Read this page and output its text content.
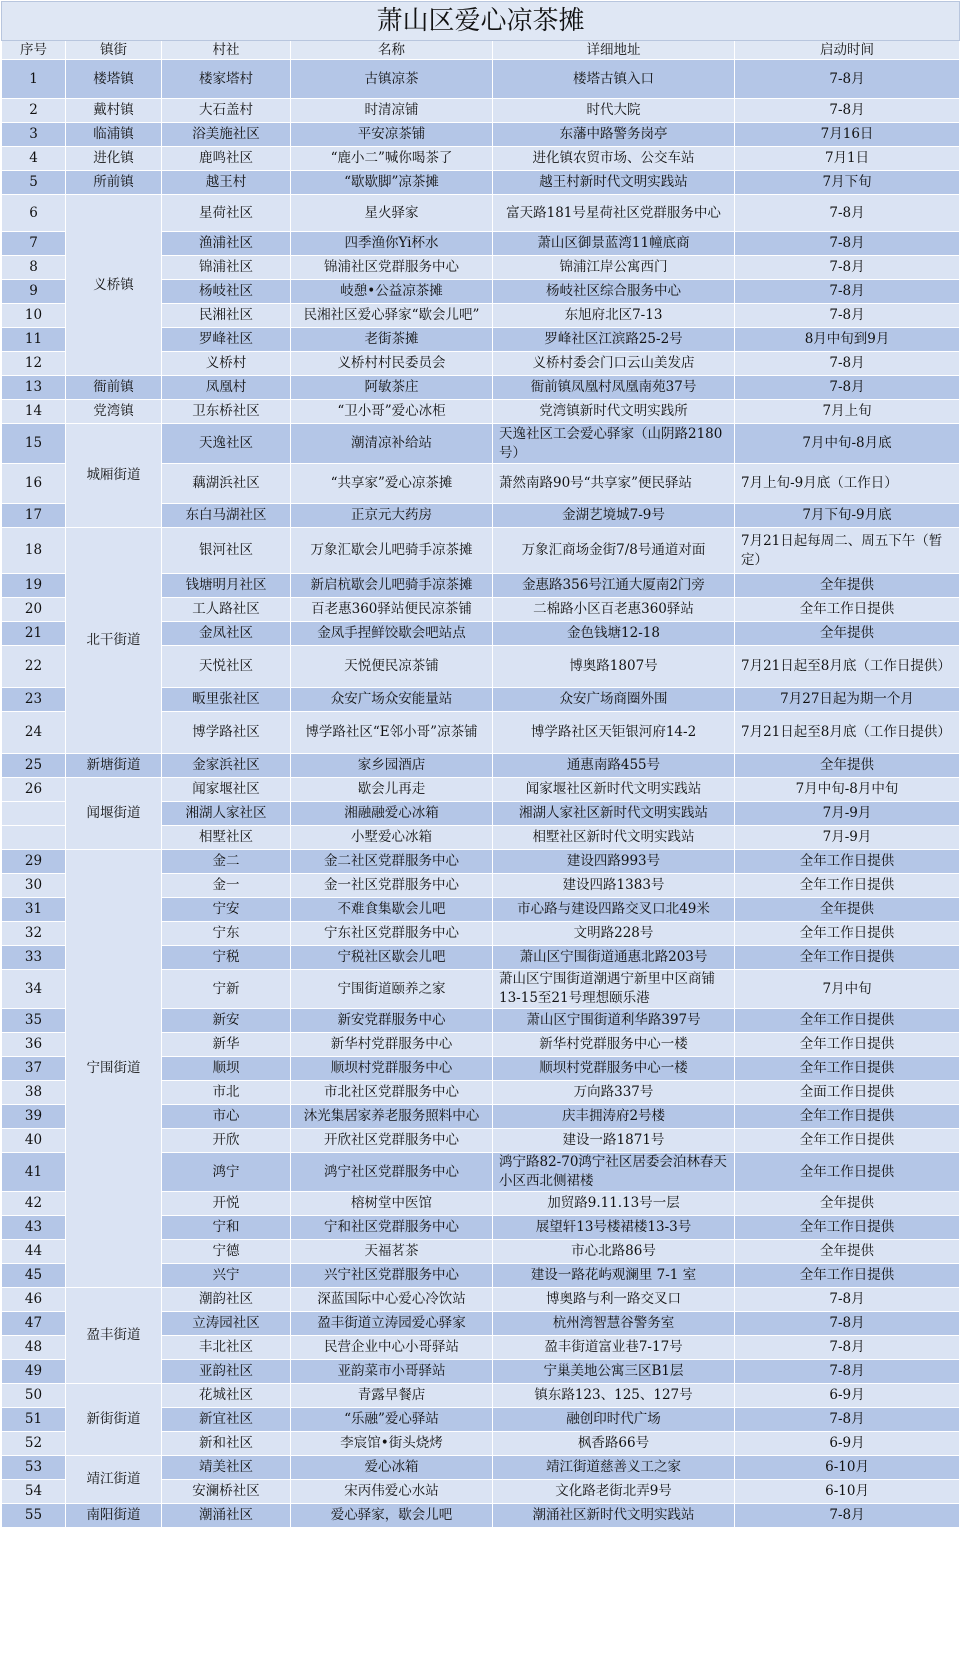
萧山区爱心凉茶摊					
序号	镇街	村社	名称	详细地址	启动时间
1	楼塔镇	楼家塔村	古镇凉茶	楼塔古镇入口	7-8月
2	戴村镇	大石盖村	时清凉铺	时代大院	7-8月
3	临浦镇	浴美施社区	平安凉茶铺	东藩中路警务岗亭	7月16日
4	进化镇	鹿鸣社区	“鹿小二”喊你喝茶了	进化镇农贸市场、公交车站	7月1日
5	所前镇	越王村	“歇歇脚”凉茶摊	越王村新时代文明实践站	7月下旬
6	义桥镇	星荷社区	星火驿家	富天路181号星荷社区党群服务中心	7-8月
7		渔浦社区	四季渔你Yi杯水	萧山区御景蓝湾11幢底商	7-8月
8		锦浦社区	锦浦社区党群服务中心	锦浦江岸公寓西门	7-8月
9		杨岐社区	岐憩•公益凉茶摊	杨岐社区综合服务中心	7-8月
10		民湘社区	民湘社区爱心驿家“歇会儿吧”	东旭府北区7-13	7-8月
11		罗峰社区	老街茶摊	罗峰社区江滨路25-2号	8月中旬到9月
12		义桥村	义桥村村民委员会	义桥村委会门口云山美发店	7-8月
13	衙前镇	凤凰村	阿敏茶庄	衙前镇凤凰村凤凰南苑37号	7-8月
14	党湾镇	卫东桥社区	“卫小哥”爱心冰柜	党湾镇新时代文明实践所	7月上旬
15	城厢街道	天逸社区	潮清凉补给站	天逸社区工会爱心驿家（山阴路2180号）	7月中旬-8月底
16		藕湖浜社区	“共享家”爱心凉茶摊	萧然南路90号“共享家”便民驿站	7月上旬-9月底（工作日）
17		东白马湖社区	正京元大药房	金湖艺境城7-9号	7月下旬-9月底
18	北干街道	银河社区	万象汇歇会儿吧骑手凉茶摊	万象汇商场金街7/8号通道对面	7月21日起每周二、周五下午（暂定）
19		钱塘明月社区	新启杭歇会儿吧骑手凉茶摊	金惠路356号江通大厦南2门旁	全年提供
20		工人路社区	百老惠360驿站便民凉茶铺	二棉路小区百老惠360驿站	全年工作日提供
21		金凤社区	金凤手捏鲜饺歇会吧站点	金色钱塘12-18	全年提供
22		天悦社区	天悦便民凉茶铺	博奥路1807号	7月21日起至8月底（工作日提供）
23		畈里张社区	众安广场众安能量站	众安广场商圈外围	7月27日起为期一个月
24		博学路社区	博学路社区“E邻小哥”凉茶铺	博学路社区天钜银河府14-2	7月21日起至8月底（工作日提供）
25	新塘街道	金家浜社区	家乡园酒店	通惠南路455号	全年提供
26	闻堰街道	闻家堰社区	歇会儿再走	闻家堰社区新时代文明实践站	7月中旬-8月中旬
		湘湖人家社区	湘融融爱心冰箱	湘湖人家社区新时代文明实践站	7月-9月
		相墅社区	小墅爱心冰箱	相墅社区新时代文明实践站	7月-9月
29	宁围街道	金二	金二社区党群服务中心	建设四路993号	全年工作日提供
30		金一	金一社区党群服务中心	建设四路1383号	全年工作日提供
31		宁安	不难食集歇会儿吧	市心路与建设四路交叉口北49米	全年提供
32		宁东	宁东社区党群服务中心	文明路228号	全年工作日提供
33		宁税	宁税社区歇会儿吧	萧山区宁围街道通惠北路203号	全年工作日提供
34		宁新	宁围街道颐养之家	萧山区宁围街道潮遇宁新里中区商铺13-15至21号理想颐乐港	7月中旬
35		新安	新安党群服务中心	萧山区宁围街道利华路397号	全年工作日提供
36		新华	新华村党群服务中心	新华村党群服务中心一楼	全年工作日提供
37		顺坝	顺坝村党群服务中心	顺坝村党群服务中心一楼	全年工作日提供
38		市北	市北社区党群服务中心	万向路337号	全面工作日提供
39		市心	沐光集居家养老服务照料中心	庆丰拥涛府2号楼	全年工作日提供
40		开欣	开欣社区党群服务中心	建设一路1871号	全年工作日提供
41		鸿宁	鸿宁社区党群服务中心	鸿宁路82-70鸿宁社区居委会泊林春天小区西北侧裙楼	全年工作日提供
42		开悦	榕树堂中医馆	加贸路9.11.13号一层	全年提供
43		宁和	宁和社区党群服务中心	展望轩13号楼裙楼13-3号	全年工作日提供
44		宁德	天福茗茶	市心北路86号	全年提供
45		兴宁	兴宁社区党群服务中心	建设一路花屿观澜里 7-1 室	全年工作日提供
46	盈丰街道	潮韵社区	深蓝国际中心爱心冷饮站	博奥路与利一路交叉口	7-8月
47		立涛园社区	盈丰街道立涛园爱心驿家	杭州湾智慧谷警务室	7-8月
48		丰北社区	民营企业中心小哥驿站	盈丰街道富业巷7-17号	7-8月
49		亚韵社区	亚韵菜市小哥驿站	宁巢美地公寓三区B1层	7-8月
50	新街街道	花城社区	青露早餐店	镇东路123、125、127号	6-9月
51		新宜社区	“乐融”爱心驿站	融创印时代广场	7-8月
52		新和社区	李宸馆•街头烧烤	枫香路66号	6-9月
53	靖江街道	靖美社区	爱心冰箱	靖江街道慈善义工之家	6-10月
54		安澜桥社区	宋丙伟爱心水站	文化路老街北弄9号	6-10月
55	南阳街道	潮涌社区	爱心驿家，歇会儿吧	潮涌社区新时代文明实践站	7-8月
